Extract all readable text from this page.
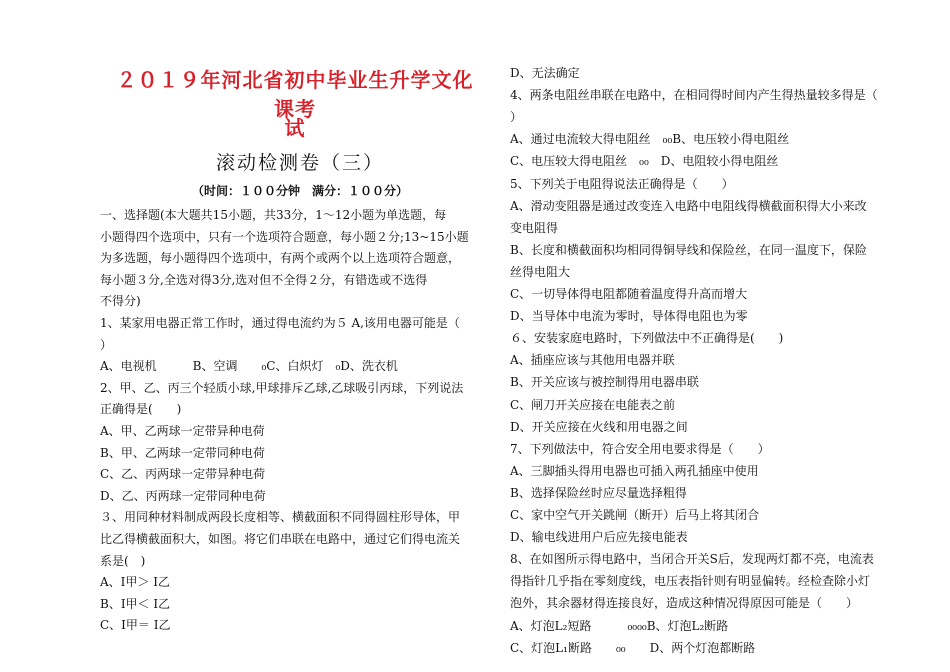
２０１９年河北省初中毕业生升学文化课考
试
滚动检测卷（三）
（时间：１００分钟　满分：１００分）
一、选择题(本大题共15小题，共33分，1～12小题为单选题，每
小题得四个选项中，只有一个选项符合题意，每小题２分;13~15小题
为多选题，每小题得四个选项中，有两个或两个以上选项符合题意，
每小题３分,全选对得3分,选对但不全得２分，有错选或不选得
不得分)
1、某家用电器正常工作时，通过得电流约为５ A,该用电器可能是（
）
A、电视机　　　B、空调　　₀C、白炽灯　₀D、洗衣机
2、甲、乙、丙三个轻质小球,甲球排斥乙球,乙球吸引丙球，下列说法
正确得是(　　)
A、甲、乙两球一定带异种电荷
B、甲、乙两球一定带同种电荷
C、乙、丙两球一定带异种电荷
D、乙、丙两球一定带同种电荷
３、用同种材料制成两段长度相等、横截面积不同得圆柱形导体，甲
比乙得横截面积大，如图。将它们串联在电路中，通过它们得电流关
系是(　)
A、I甲＞ I乙
B、I甲＜ I乙
C、I甲＝ I乙
D、无法确定
4、两条电阻丝串联在电路中，在相同得时间内产生得热量较多得是（
）
A、通过电流较大得电阻丝　₀₀B、电压较小得电阻丝
C、电压较大得电阻丝　₀₀　D、电阻较小得电阻丝
5、下列关于电阻得说法正确得是（　　）
A、滑动变阻器是通过改变连入电路中电阻线得横截面积得大小来改
变电阻得
B、长度和横截面积均相同得铜导线和保险丝，在同一温度下，保险
丝得电阻大
C、一切导体得电阻都随着温度得升高而增大
D、当导体中电流为零时，导体得电阻也为零
６、安装家庭电路时，下列做法中不正确得是(　　)
A、插座应该与其他用电器并联
B、开关应该与被控制得用电器串联
C、闸刀开关应接在电能表之前
D、开关应接在火线和用电器之间
7、下列做法中，符合安全用电要求得是（　　）
A、三脚插头得用电器也可插入两孔插座中使用
B、选择保险丝时应尽量选择粗得
C、家中空气开关跳闸（断开）后马上将其闭合
D、输电线进用户后应先接电能表
8、在如图所示得电路中，当闭合开关S后，发现两灯都不亮，电流表
得指针几乎指在零刻度线，电压表指针则有明显偏转。经检查除小灯
泡外，其余器材得连接良好，造成这种情况得原因可能是（　　）
A、灯泡L₂短路　　　₀₀₀₀B、灯泡L₂断路
C、灯泡L₁断路　　₀₀　　D、两个灯泡都断路
